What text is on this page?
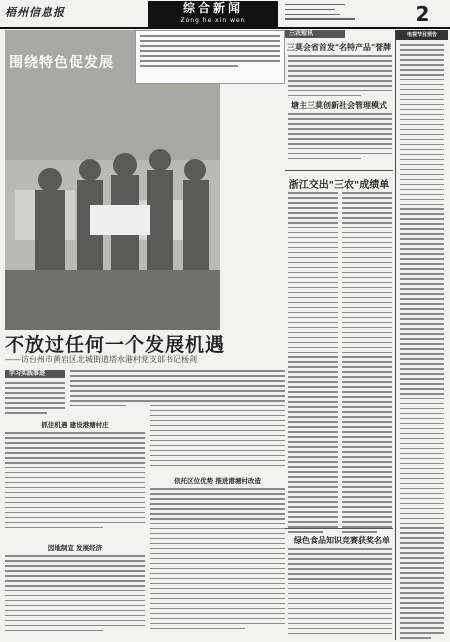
梧州信息报	综合新闻
Zong he xin wen	2
围绕特色促发展
不放过任何一个发展机遇
——访台州市黄岩区北城街道塔水港村党支部书记杨剑
学习实践事迹
抓住机遇 建设港塘村庄
因地制宜 发展经济
依托区位优势 推进港塘村改造
三农短讯
三莫会省首发"名特产品"誉牌
塘主三莫创新社会管理模式
浙江交出"三农"成绩单
绿色食品知识竞赛获奖名单
电视节目预告
